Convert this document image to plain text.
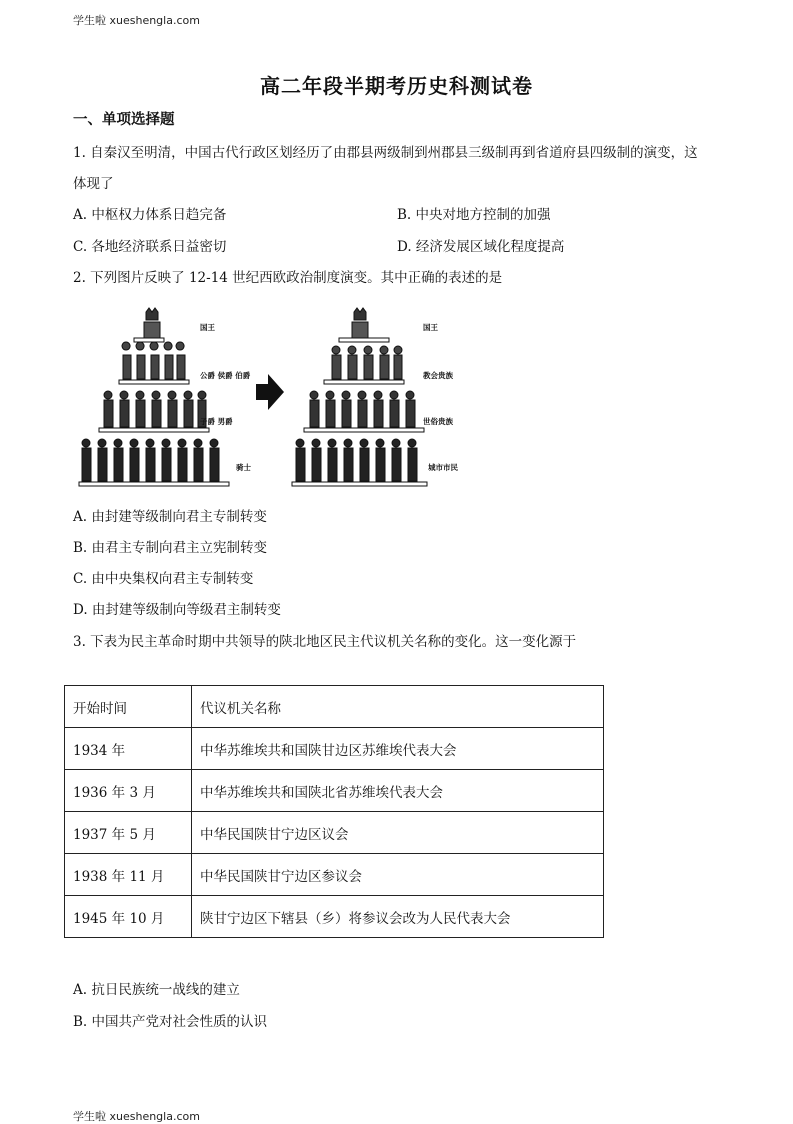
学生啦 xueshengla.com
高二年段半期考历史科测试卷
一、单项选择题
1. 自秦汉至明清，中国古代行政区划经历了由郡县两级制到州郡县三级制再到省道府县四级制的演变，这
体现了
A. 中枢权力体系日趋完备	B. 中央对地方控制的加强
C. 各地经济联系日益密切	D. 经济发展区域化程度提高
2. 下列图片反映了 12-14 世纪西欧政治制度演变。其中正确的表述的是
国王
公爵 侯爵 伯爵
子爵 男爵
骑士
国王
教会贵族
世俗贵族
城市市民
A. 由封建等级制向君主专制转变
B. 由君主专制向君主立宪制转变
C. 由中央集权向君主专制转变
D. 由封建等级制向等级君主制转变
3. 下表为民主革命时期中共领导的陕北地区民主代议机关名称的变化。这一变化源于
开始时间	代议机关名称
1934 年	中华苏维埃共和国陕甘边区苏维埃代表大会
1936 年 3 月	中华苏维埃共和国陕北省苏维埃代表大会
1937 年 5 月	中华民国陕甘宁边区议会
1938 年 11 月	中华民国陕甘宁边区参议会
1945 年 10 月	陕甘宁边区下辖县（乡）将参议会改为人民代表大会
A. 抗日民族统一战线的建立
B. 中国共产党对社会性质的认识
学生啦 xueshengla.com
